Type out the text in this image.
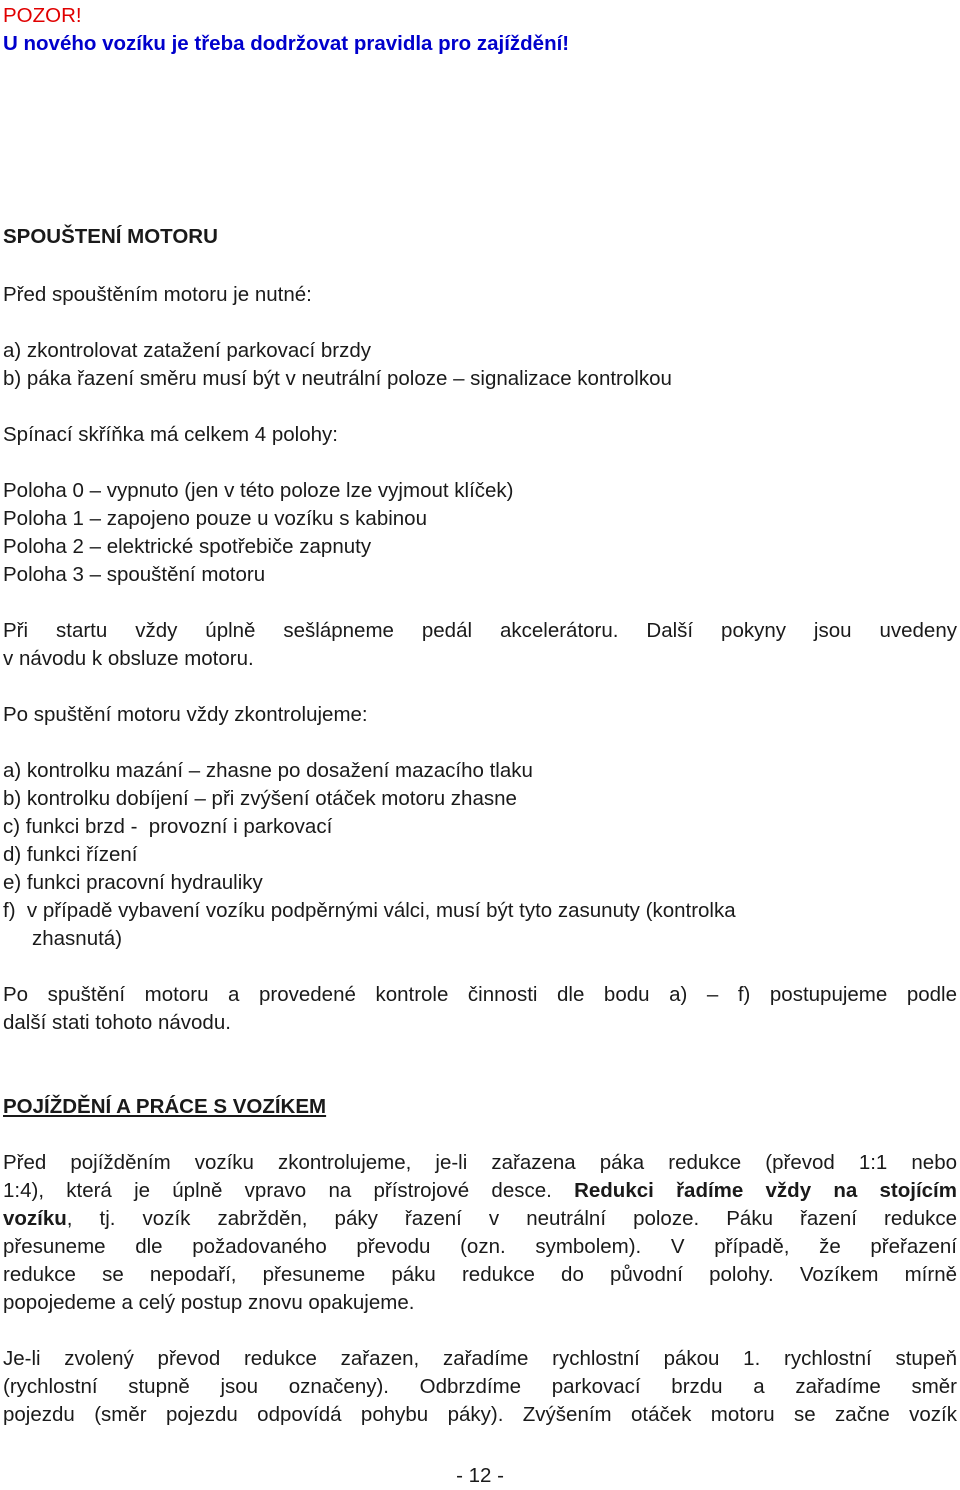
POZOR!
U nového vozíku je třeba dodržovat pravidla pro zajíždění!
SPOUŠTENÍ MOTORU
Před spouštěním motoru je nutné:
a) zkontrolovat zatažení parkovací brzdy
b) páka řazení směru musí být v neutrální poloze – signalizace kontrolkou
Spínací skříňka má celkem 4 polohy:
Poloha 0 – vypnuto (jen v této poloze lze vyjmout klíček)
Poloha 1 – zapojeno pouze u vozíku s kabinou
Poloha 2 – elektrické spotřebiče zapnuty
Poloha 3 – spouštění motoru
Při startu vždy úplně sešlápneme pedál akcelerátoru. Další pokyny jsou uvedeny
v návodu k obsluze motoru.
Po spuštění motoru vždy zkontrolujeme:
a) kontrolku mazání – zhasne po dosažení mazacího tlaku
b) kontrolku dobíjení – při zvýšení otáček motoru zhasne
c) funkci brzd -  provozní i parkovací
d) funkci řízení
e) funkci pracovní hydrauliky
f)  v případě vybavení vozíku podpěrnými válci, musí být tyto zasunuty (kontrolka
zhasnutá)
Po spuštění motoru a provedené kontrole činnosti dle bodu a) – f) postupujeme podle
další stati tohoto návodu.
POJÍŽDĚNÍ A PRÁCE S VOZÍKEM
Před pojížděním vozíku zkontrolujeme, je-li zařazena páka redukce (převod 1:1 nebo
1:4), která je úplně vpravo na přístrojové desce. Redukci řadíme vždy na stojícím
vozíku, tj. vozík zabržděn, páky řazení v neutrální poloze. Páku řazení redukce
přesuneme dle požadovaného převodu (ozn. symbolem). V případě, že přeřazení
redukce se nepodaří, přesuneme páku redukce do původní polohy. Vozíkem mírně
popojedeme a celý postup znovu opakujeme.
Je-li zvolený převod redukce zařazen, zařadíme rychlostní pákou 1. rychlostní stupeň
(rychlostní stupně jsou označeny). Odbrzdíme parkovací brzdu a zařadíme směr
pojezdu (směr pojezdu odpovídá pohybu páky). Zvýšením otáček motoru se začne vozík
- 12 -
